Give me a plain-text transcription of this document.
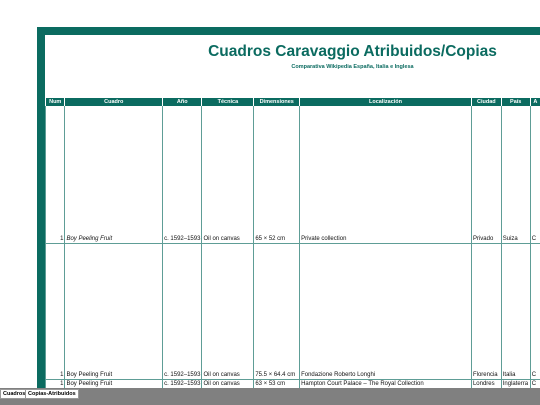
Cuadros Caravaggio Atribuidos/Copias
Comparativa Wikipedia España, Italia e Inglesa
Num	Cuadro	Año	Técnica	Dimensiones	Localización	Ciudad	País	A
1	Boy Peeling Fruit	c. 1592–1593	Oil on canvas	65 × 52 cm	Private collection	Privado	Suiza	C
1	Boy Peeling Fruit	c. 1592–1593	Oil on canvas	75.5 × 64.4 cm	Fondazione Roberto Longhi	Florencia	Italia	C
1	Boy Peeling Fruit	c. 1592–1593	Oil on canvas	63 × 53 cm	Hampton Court Palace – The Royal Collection	Londres	Inglaterra	C

Cuadros Copias-Atribuidos
